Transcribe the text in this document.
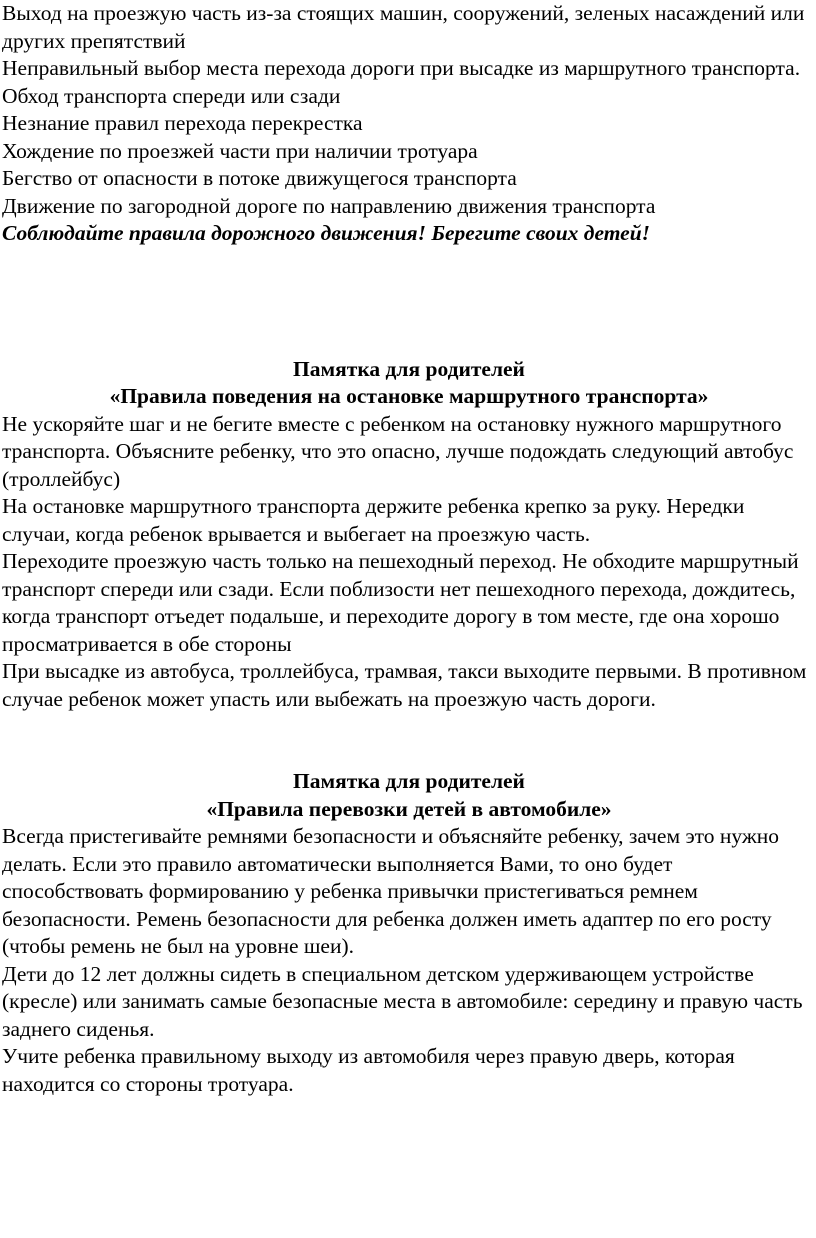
Выход на проезжую часть из-за стоящих машин, сооружений, зеленых насаждений или других препятствий

Неправильный выбор места перехода дороги при высадке из маршрутного транспорта. Обход транспорта спереди или сзади

Незнание правил перехода перекрестка

Хождение по проезжей части при наличии тротуара

Бегство от опасности в потоке движущегося транспорта

Движение по загородной дороге по направлению движения транспорта

Соблюдайте правила дорожного движения! Берегите своих детей!

Памятка для родителей

«Правила поведения на остановке маршрутного транспорта»

Не ускоряйте шаг и не бегите вместе с ребенком на остановку нужного маршрутного транспорта. Объясните ребенку, что это опасно, лучше подождать следующий автобус (троллейбус)

На остановке маршрутного транспорта держите ребенка крепко за руку. Нередки случаи, когда ребенок врывается и выбегает на проезжую часть.

Переходите проезжую часть только на пешеходный переход. Не обходите маршрутный транспорт спереди или сзади. Если поблизости нет пешеходного перехода, дождитесь, когда транспорт отъедет подальше, и переходите дорогу в том месте, где она хорошо просматривается в обе стороны

При высадке из автобуса, троллейбуса, трамвая, такси выходите первыми. В противном случае ребенок может упасть или выбежать на проезжую часть дороги.

Памятка для родителей

«Правила перевозки детей в автомобиле»

Всегда пристегивайте ремнями безопасности и объясняйте ребенку, зачем это нужно делать. Если это правило автоматически выполняется Вами, то оно будет способствовать формированию у ребенка привычки пристегиваться ремнем безопасности. Ремень безопасности для ребенка должен иметь адаптер по его росту (чтобы ремень не был на уровне шеи).

Дети до 12 лет должны сидеть в специальном детском удерживающем устройстве (кресле) или занимать самые безопасные места в автомобиле: середину и правую часть заднего сиденья.

Учите ребенка правильному выходу из автомобиля через правую дверь, которая находится со стороны тротуара.
